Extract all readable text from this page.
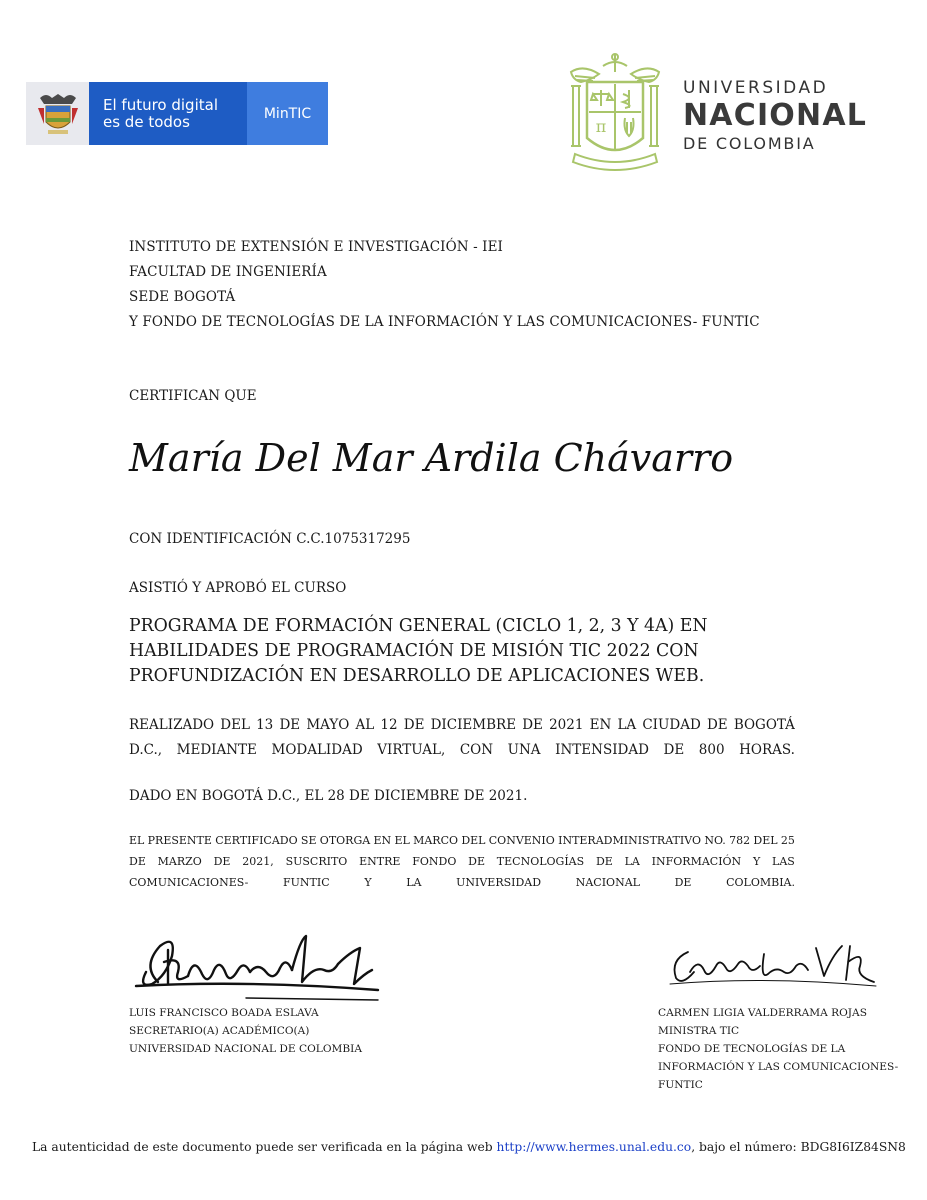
El futuro digital
es de todos	MinTIC
π
UNIVERSIDAD
NACIONAL
DE COLOMBIA
INSTITUTO DE EXTENSIÓN E INVESTIGACIÓN - IEI
FACULTAD DE INGENIERÍA
SEDE BOGOTÁ
Y FONDO DE TECNOLOGÍAS DE LA INFORMACIÓN Y LAS COMUNICACIONES- FUNTIC
CERTIFICAN QUE
María Del Mar Ardila Chávarro
CON IDENTIFICACIÓN C.C.1075317295
ASISTIÓ Y APROBÓ EL CURSO
PROGRAMA DE FORMACIÓN GENERAL (CICLO 1, 2, 3 Y 4A) EN
HABILIDADES DE PROGRAMACIÓN DE MISIÓN TIC 2022 CON
PROFUNDIZACIÓN EN DESARROLLO DE APLICACIONES WEB.
REALIZADO DEL 13 DE MAYO AL 12 DE DICIEMBRE DE 2021 EN LA CIUDAD DE BOGOTÁ
D.C., MEDIANTE MODALIDAD VIRTUAL, CON UNA INTENSIDAD DE 800 HORAS.
DADO EN BOGOTÁ D.C., EL 28 DE DICIEMBRE DE 2021.
EL PRESENTE CERTIFICADO SE OTORGA EN EL MARCO DEL CONVENIO INTERADMINISTRATIVO NO. 782 DEL 25
DE MARZO DE 2021, SUSCRITO ENTRE FONDO DE TECNOLOGÍAS DE LA INFORMACIÓN Y LAS
COMUNICACIONES-	FUNTIC	Y	LA	UNIVERSIDAD	NACIONAL	DE	COLOMBIA.
LUIS FRANCISCO BOADA ESLAVA
SECRETARIO(A) ACADÉMICO(A)
UNIVERSIDAD NACIONAL DE COLOMBIA
CARMEN LIGIA VALDERRAMA ROJAS
MINISTRA TIC
FONDO DE TECNOLOGÍAS DE LA
INFORMACIÓN Y LAS COMUNICACIONES-
FUNTIC
La autenticidad de este documento puede ser verificada en la página web http://www.hermes.unal.edu.co, bajo el número: BDG8I6IZ84SN8
